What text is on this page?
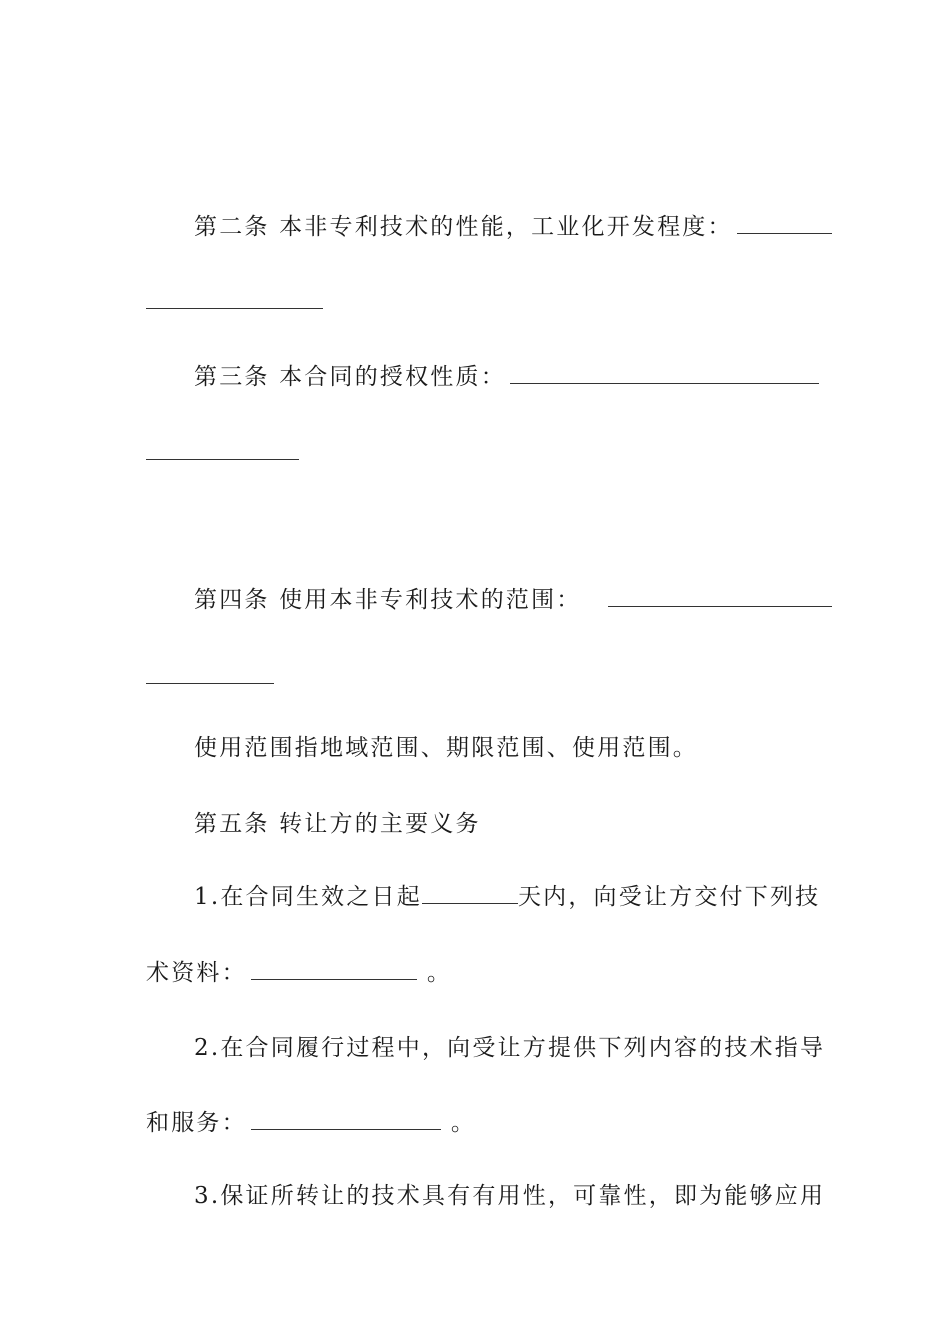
第二条 本非专利技术的性能，工业化开发程度：
第三条 本合同的授权性质：
第四条 使用本非专利技术的范围：
使用范围指地域范围、期限范围、使用范围。
第五条 转让方的主要义务
1.在合同生效之日起	天内，向受让方交付下列技
术资料：	。
2.在合同履行过程中，向受让方提供下列内容的技术指导
和服务：	。
3.保证所转让的技术具有有用性，可靠性，即为能够应用
